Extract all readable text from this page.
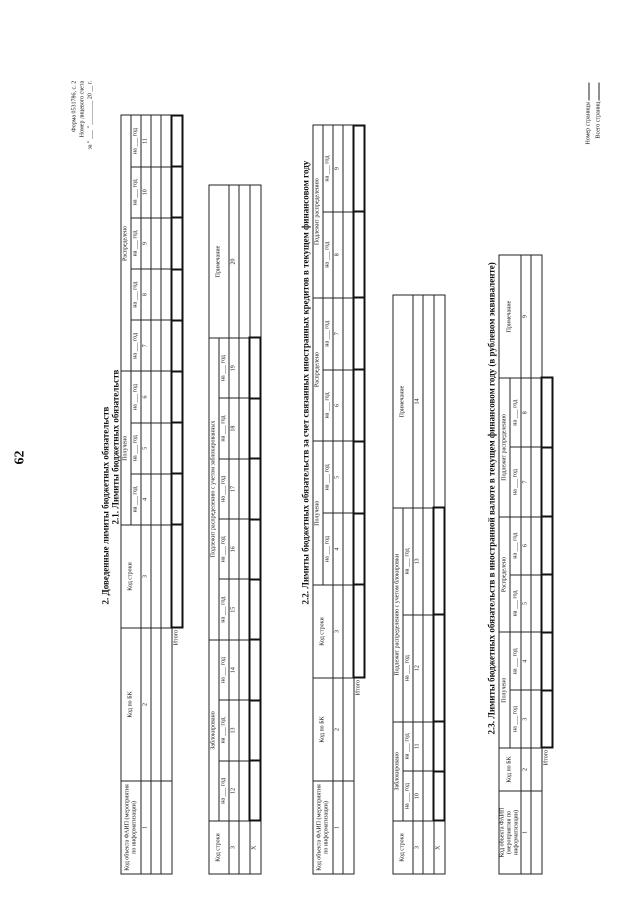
62
Форма 0531786, с. 2 Номер лицевого счета за " ___ " ________ 20 __ г.
2. Доведенные лимиты бюджетных обязательств 2.1. Лимиты бюджетных обязательств
Код объекта ФАИП (мероприятия по информатизации)	Код по БК	Код строки	Получено			Распределено				
			на ___ год	на ___ год	на ___ год	на ___ год	на ___ год	на ___ год	на ___ год	на ___ год
1	2	3	4	5	6	7	8	9	10	11

Итого										
Код строки	Заблокировано			Подлежит распределению с учетом заблокированных					Примечание
	на ___ год	на ___ год	на ___ год	на ___ год	на ___ год	на ___ год	на ___ год	на ___ год	
3	12	13	14	15	16	17	18	19	20

X									
2.2. Лимиты бюджетных обязательств за счет связанных иностранных кредитов в текущем финансовом году
Код объекта ФАИП (мероприятия по информатизации)	Код по БК	Код строки	Получено		Распределено		Подлежит распределению	
			на ___ год	на ___ год	на ___ год	на ___ год	на ___ год	на ___ год
1	2	3	4	5	6	7	8	9

Итого								
Код строки	Заблокировано		Подлежит распределению с учетом блокировки		Примечание
	на ___ год	на ___ год	на ___ год	на ___ год	
3	10	11	12	13	14

X					
2.3. Лимиты бюджетных обязательств в иностранной валюте в текущем финансовом году (в рублевом эквиваленте)
Код объекта ФАИП (мероприятия по информатизации)	Код по БК	Получено		Распределено		Подлежит распределению		Примечание
		на ___ год	на ___ год	на ___ год	на ___ год	на ___ год	на ___ год	
1	2	3	4	5	6	7	8	9

Итого								
Номер страницы Всего страниц
